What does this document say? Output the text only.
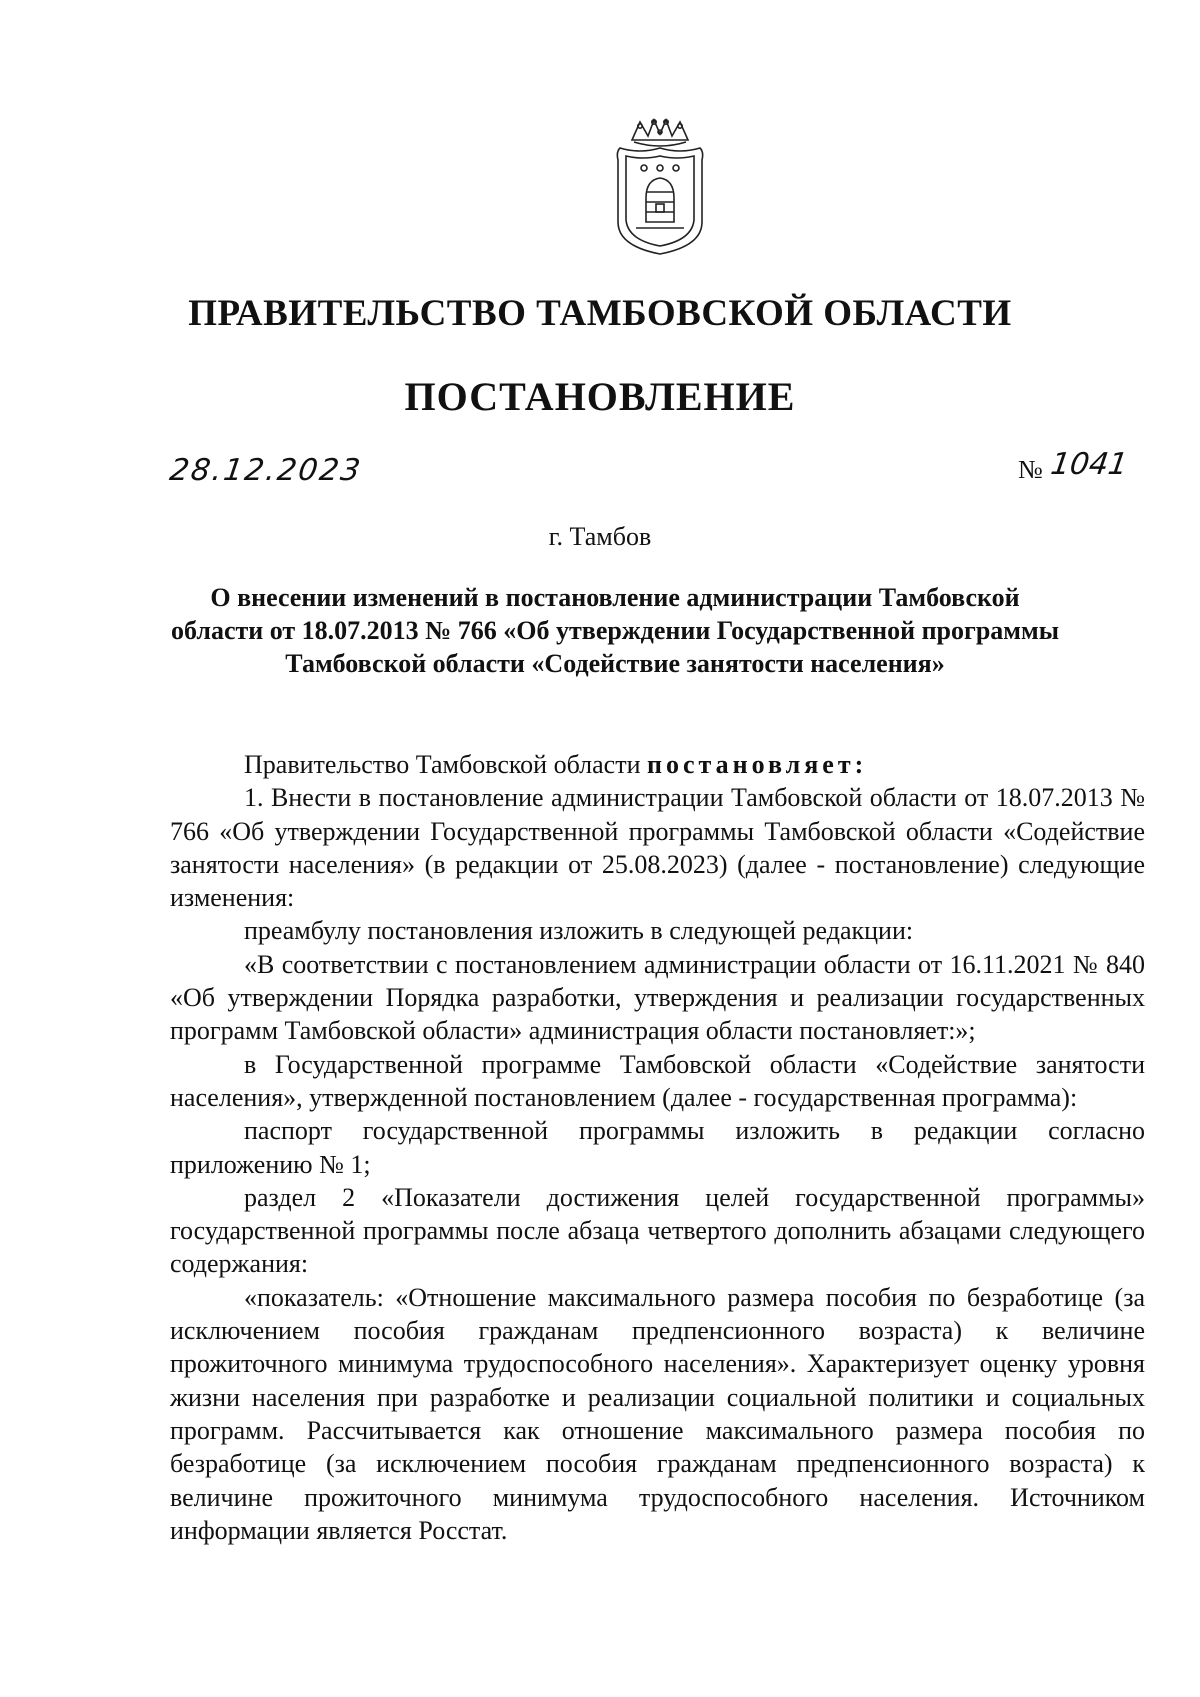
ПРАВИТЕЛЬСТВО ТАМБОВСКОЙ ОБЛАСТИ
ПОСТАНОВЛЕНИЕ
28.12.2023	№ 1041
г. Тамбов
О внесении изменений в постановление администрации Тамбовской области от 18.07.2013 № 766 «Об утверждении Государственной программы Тамбовской области «Содействие занятости населения»

Правительство Тамбовской области постановляет:

1. Внести в постановление администрации Тамбовской области от 18.07.2013 № 766 «Об утверждении Государственной программы Тамбовской области «Содействие занятости населения» (в редакции от 25.08.2023) (далее - постановление) следующие изменения:

преамбулу постановления изложить в следующей редакции:

«В соответствии с постановлением администрации области от 16.11.2021 № 840 «Об утверждении Порядка разработки, утверждения и реализации государственных программ Тамбовской области» администрация области постановляет:»;

в Государственной программе Тамбовской области «Содействие занятости населения», утвержденной постановлением (далее - государственная программа):

паспорт государственной программы изложить в редакции согласно приложению № 1;

раздел 2 «Показатели достижения целей государственной программы» государственной программы после абзаца четвертого дополнить абзацами следующего содержания:

«показатель: «Отношение максимального размера пособия по безработице (за исключением пособия гражданам предпенсионного возраста) к величине прожиточного минимума трудоспособного населения». Характеризует оценку уровня жизни населения при разработке и реализации социальной политики и социальных программ. Рассчитывается как отношение максимального размера пособия по безработице (за исключением пособия гражданам предпенсионного возраста) к величине прожиточного минимума трудоспособного населения. Источником информации является Росстат.
